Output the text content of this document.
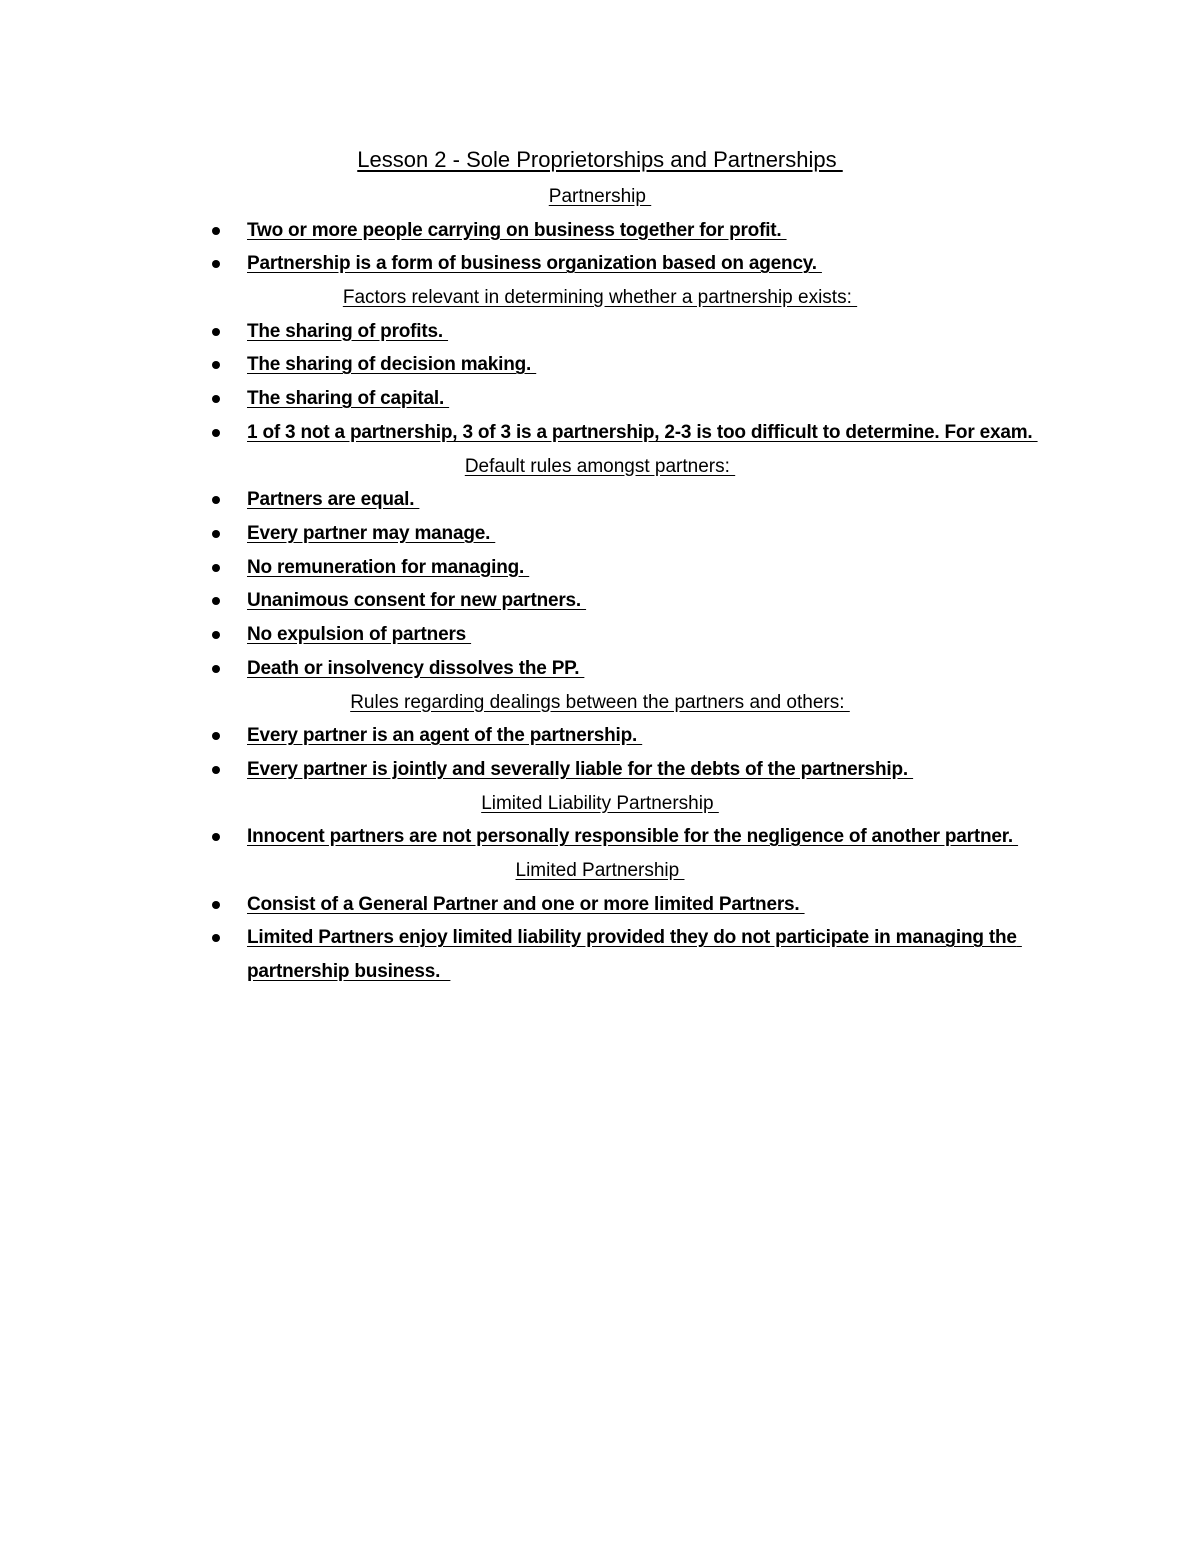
Lesson 2 - Sole Proprietorships and Partnerships
Partnership
Two or more people carrying on business together for profit.
Partnership is a form of business organization based on agency.
Factors relevant in determining whether a partnership exists:
The sharing of profits.
The sharing of decision making.
The sharing of capital.
1 of 3 not a partnership, 3 of 3 is a partnership, 2-3 is too difficult to determine. For exam.
Default rules amongst partners:
Partners are equal.
Every partner may manage.
No remuneration for managing.
Unanimous consent for new partners.
No expulsion of partners
Death or insolvency dissolves the PP.
Rules regarding dealings between the partners and others:
Every partner is an agent of the partnership.
Every partner is jointly and severally liable for the debts of the partnership.
Limited Liability Partnership
Innocent partners are not personally responsible for the negligence of another partner.
Limited Partnership
Consist of a General Partner and one or more limited Partners.
Limited Partners enjoy limited liability provided they do not participate in managing the partnership business.
